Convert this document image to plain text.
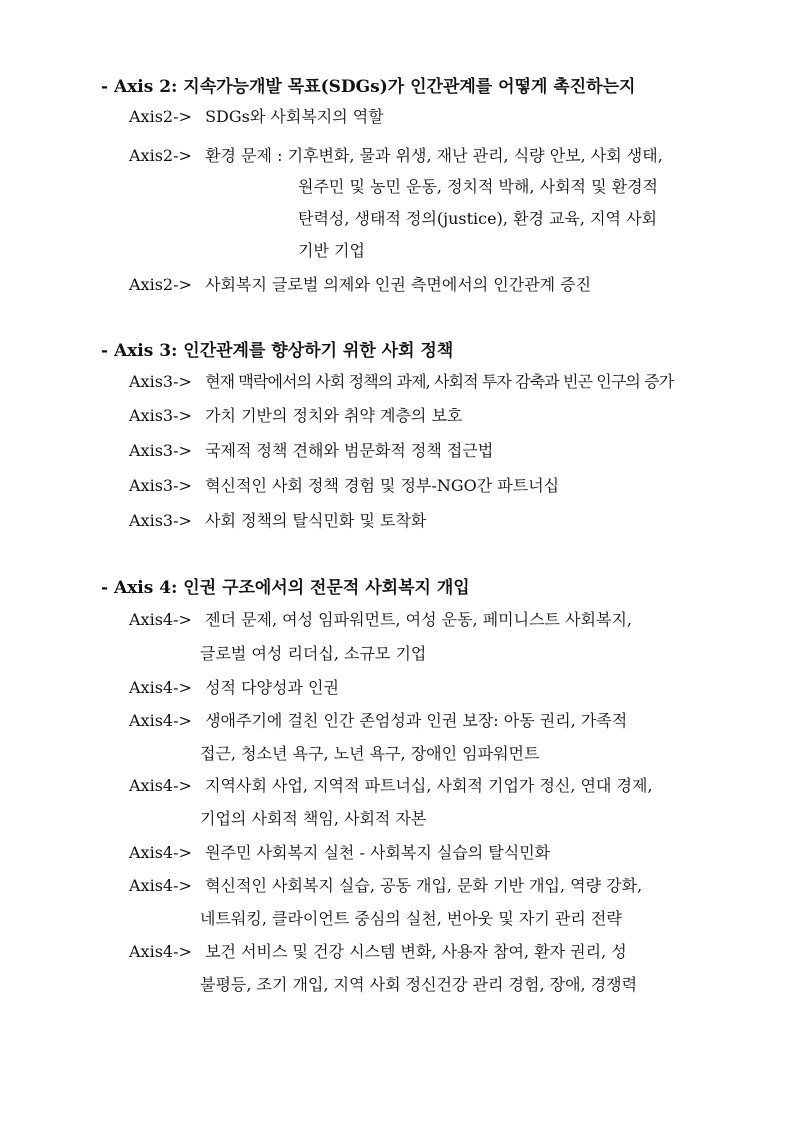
- Axis 2: 지속가능개발 목표(SDGs)가 인간관계를 어떻게 촉진하는지
Axis2-> SDGs와 사회복지의 역할
Axis2-> 환경 문제 : 기후변화, 물과 위생, 재난 관리, 식량 안보, 사회 생태,
원주민 및 농민 운동, 정치적 박해, 사회적 및 환경적
탄력성, 생태적 정의(justice), 환경 교육, 지역 사회
기반 기업
Axis2-> 사회복지 글로벌 의제와 인권 측면에서의 인간관계 증진
- Axis 3: 인간관계를 향상하기 위한 사회 정책
Axis3-> 현재 맥락에서의 사회 정책의 과제, 사회적 투자 감축과 빈곤 인구의 증가
Axis3-> 가치 기반의 정치와 취약 계층의 보호
Axis3-> 국제적 정책 견해와 범문화적 정책 접근법
Axis3-> 혁신적인 사회 정책 경험 및 정부-NGO간 파트너십
Axis3-> 사회 정책의 탈식민화 및 토착화
- Axis 4: 인권 구조에서의 전문적 사회복지 개입
Axis4-> 젠더 문제, 여성 임파워먼트, 여성 운동, 페미니스트 사회복지,
글로벌 여성 리더십, 소규모 기업
Axis4-> 성적 다양성과 인권
Axis4-> 생애주기에 걸친 인간 존엄성과 인권 보장: 아동 권리, 가족적
접근, 청소년 욕구, 노년 욕구, 장애인 임파워먼트
Axis4-> 지역사회 사업, 지역적 파트너십, 사회적 기업가 정신, 연대 경제,
기업의 사회적 책임, 사회적 자본
Axis4-> 원주민 사회복지 실천 - 사회복지 실습의 탈식민화
Axis4-> 혁신적인 사회복지 실습, 공동 개입, 문화 기반 개입, 역량 강화,
네트워킹, 클라이언트 중심의 실천, 번아웃 및 자기 관리 전략
Axis4-> 보건 서비스 및 건강 시스템 변화, 사용자 참여, 환자 권리, 성
불평등, 조기 개입, 지역 사회 정신건강 관리 경험, 장애, 경쟁력
